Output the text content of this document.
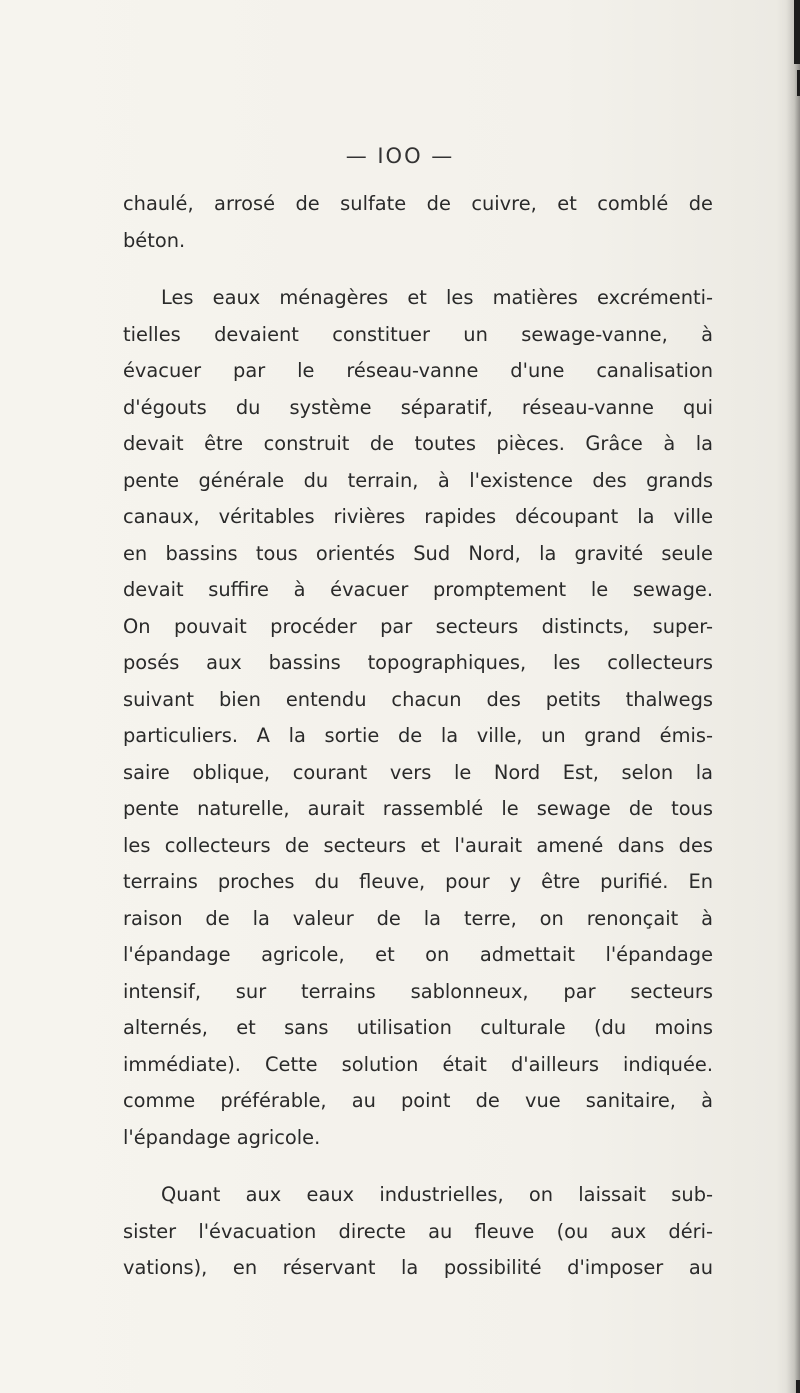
— IOO —

chaulé, arrosé de sulfate de cuivre, et comblé de
béton.

Les eaux ménagères et les matières excrémenti-
tielles devaient constituer un sewage-vanne, à
évacuer par le réseau-vanne d'une canalisation
d'égouts du système séparatif, réseau-vanne qui
devait être construit de toutes pièces. Grâce à la
pente générale du terrain, à l'existence des grands
canaux, véritables rivières rapides découpant la ville
en bassins tous orientés Sud Nord, la gravité seule
devait suffire à évacuer promptement le sewage.
On pouvait procéder par secteurs distincts, super-
posés aux bassins topographiques, les collecteurs
suivant bien entendu chacun des petits thalwegs
particuliers. A la sortie de la ville, un grand émis-
saire oblique, courant vers le Nord Est, selon la
pente naturelle, aurait rassemblé le sewage de tous
les collecteurs de secteurs et l'aurait amené dans des
terrains proches du fleuve, pour y être purifié. En
raison de la valeur de la terre, on renonçait à
l'épandage agricole, et on admettait l'épandage
intensif, sur terrains sablonneux, par secteurs
alternés, et sans utilisation culturale (du moins
immédiate). Cette solution était d'ailleurs indiquée.
comme préférable, au point de vue sanitaire, à
l'épandage agricole.

Quant aux eaux industrielles, on laissait sub-
sister l'évacuation directe au fleuve (ou aux déri-
vations), en réservant la possibilité d'imposer au
